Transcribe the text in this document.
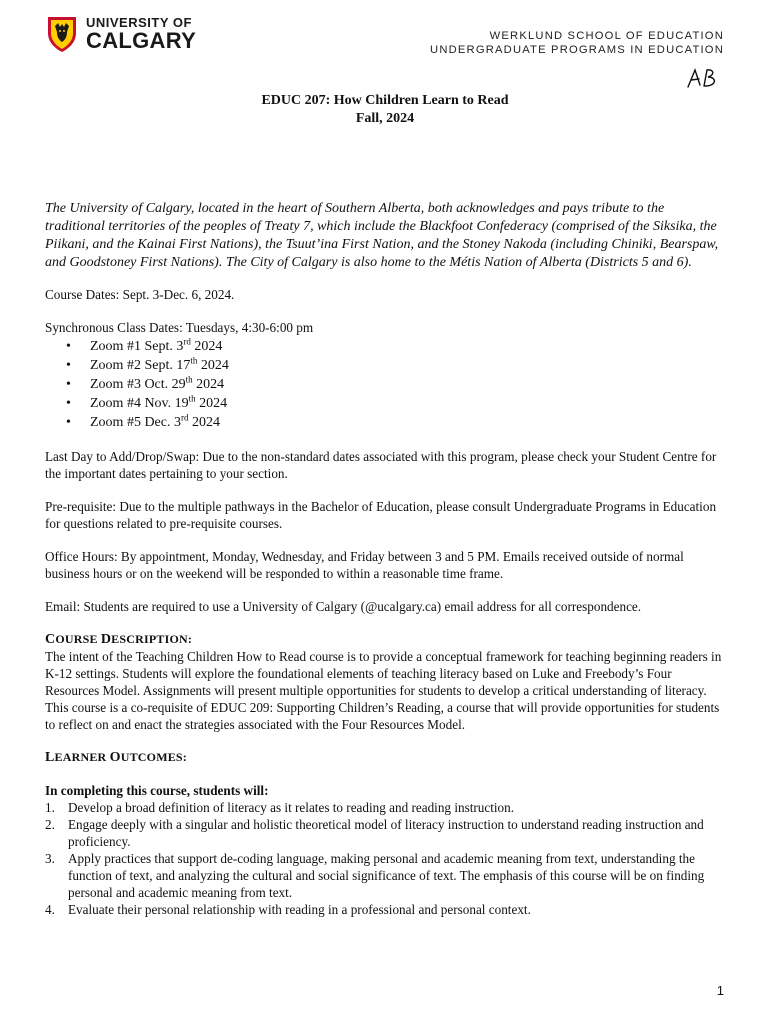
UNIVERSITY OF
CALGARY	WERKLUND SCHOOL OF EDUCATION
UNDERGRADUATE PROGRAMS IN EDUCATION
EDUC 207: How Children Learn to Read
Fall, 2024

The University of Calgary, located in the heart of Southern Alberta, both acknowledges and pays tribute to the traditional territories of the peoples of Treaty 7, which include the Blackfoot Confederacy (comprised of the Siksika, the Piikani, and the Kainai First Nations), the Tsuut’ina First Nation, and the Stoney Nakoda (including Chiniki, Bearspaw, and Goodstoney First Nations). The City of Calgary is also home to the Métis Nation of Alberta (Districts 5 and 6).

Course Dates: Sept. 3-Dec. 6, 2024.

Synchronous Class Dates: Tuesdays, 4:30-6:00 pm

• Zoom #1 Sept. 3rd 2024
• Zoom #2 Sept. 17th 2024
• Zoom #3 Oct. 29th 2024
• Zoom #4 Nov. 19th 2024
• Zoom #5 Dec. 3rd 2024

Last Day to Add/Drop/Swap: Due to the non-standard dates associated with this program, please check your Student Centre for the important dates pertaining to your section.

Pre-requisite: Due to the multiple pathways in the Bachelor of Education, please consult Undergraduate Programs in Education for questions related to pre-requisite courses.

Office Hours: By appointment, Monday, Wednesday, and Friday between 3 and 5 PM. Emails received outside of normal business hours or on the weekend will be responded to within a reasonable time frame.

Email: Students are required to use a University of Calgary (@ucalgary.ca) email address for all correspondence.

COURSE DESCRIPTION:

The intent of the Teaching Children How to Read course is to provide a conceptual framework for teaching beginning readers in K-12 settings. Students will explore the foundational elements of teaching literacy based on Luke and Freebody’s Four Resources Model. Assignments will present multiple opportunities for students to develop a critical understanding of literacy. This course is a co-requisite of EDUC 209: Supporting Children’s Reading, a course that will provide opportunities for students to reflect on and enact the strategies associated with the Four Resources Model.

LEARNER OUTCOMES:

In completing this course, students will:

1. Develop a broad definition of literacy as it relates to reading and reading instruction.
2. Engage deeply with a singular and holistic theoretical model of literacy instruction to understand reading instruction and proficiency.
3. Apply practices that support de-coding language, making personal and academic meaning from text, understanding the function of text, and analyzing the cultural and social significance of text. The emphasis of this course will be on finding personal and academic meaning from text.
4. Evaluate their personal relationship with reading in a professional and personal context.
1
